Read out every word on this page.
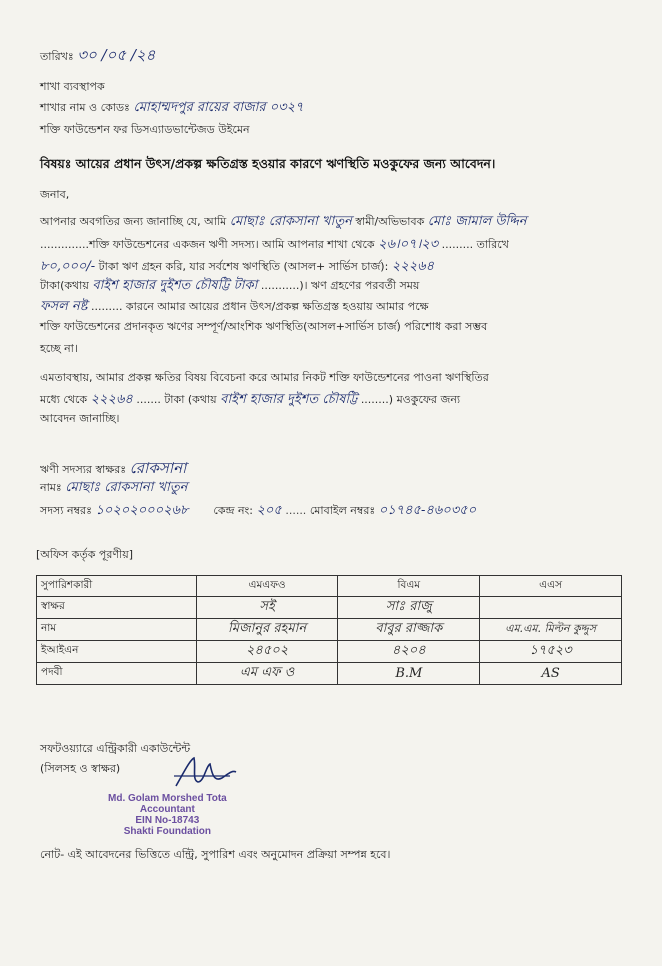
তারিখঃ ৩০ /০৫ /২৪
শাখা ব্যবস্থাপক
শাখার নাম ও কোডঃ মোহাম্মদপুর রায়ের বাজার ০৩২৭
শক্তি ফাউন্ডেশন ফর ডিসএ্যাডভান্টেজড উইমেন
বিষয়ঃ আয়ের প্রধান উৎস/প্রকল্প ক্ষতিগ্রস্ত হওয়ার কারণে ঋণস্থিতি মওকুফের জন্য আবেদন।
জনাব,
আপনার অবগতির জন্য জানাচ্ছি যে, আমি মোছাঃ রোকসানা খাতুন স্বামী/অভিভাবক মোঃ জামাল উদ্দিন
..............শক্তি ফাউন্ডেশনের একজন ঋণী সদস্য। আমি আপনার শাখা থেকে ২৬।০৭।২৩ ......... তারিখে
৮০,০০০/- টাকা ঋণ গ্রহন করি, যার সর্বশেষ ঋণস্থিতি (আসল+ সার্ভিস চার্জ): ২২২৬৪
টাকা(কথায় বাইশ হাজার দুইশত চৌষট্টি টাকা ...........)। ঋণ গ্রহণের পরবর্তী সময়
ফসল নষ্ট ......... কারনে আমার আয়ের প্রধান উৎস/প্রকল্প ক্ষতিগ্রস্ত হওয়ায় আমার পক্ষে
শক্তি ফাউন্ডেশনের প্রদানকৃত ঋণের সম্পূর্ণ/আংশিক ঋণস্থিতি(আসল+সার্ভিস চার্জ) পরিশোধ করা সম্ভব
হচ্ছে না।
এমতাবস্থায়, আমার প্রকল্প ক্ষতির বিষয় বিবেচনা করে আমার নিকট শক্তি ফাউন্ডেশনের পাওনা ঋণস্থিতির
মধ্যে থেকে ২২২৬৪ ....... টাকা (কথায় বাইশ হাজার দুইশত চৌষট্টি ........) মওকুফের জন্য
আবেদন জানাচ্ছি।
ঋণী সদস্যর স্বাক্ষরঃ রোকসানা
নামঃ মোছাঃ রোকসানা খাতুন
সদস্য নম্বরঃ ১০২০২০০০২৬৮ কেন্দ্র নং: ২০৫ ...... মোবাইল নম্বরঃ ০১৭৪৫-৪৬০৩৫০
[অফিস কর্তৃক পূরণীয়]
সুপারিশকারী	এমএফও	বিএম	এএস
স্বাক্ষর	সই	সাঃ রাজু	
নাম	মিজানুর রহমান	বাবুর রাজ্জাক	এম.এম. মিল্টন কুদ্দুস
ইআইএন	২৪৫০২	৪২০৪	১৭৫২৩
পদবী	এম এফ ও	B.M	AS
সফটওয়্যারে এন্ট্রিকারী একাউন্টেন্ট
(সিলসহ ও স্বাক্ষর)
Md. Golam Morshed Tota
Accountant
EIN No-18743
Shakti Foundation
নোট- এই আবেদনের ভিত্তিতে এন্ট্রি, সুপারিশ এবং অনুমোদন প্রক্রিয়া সম্পন্ন হবে।
